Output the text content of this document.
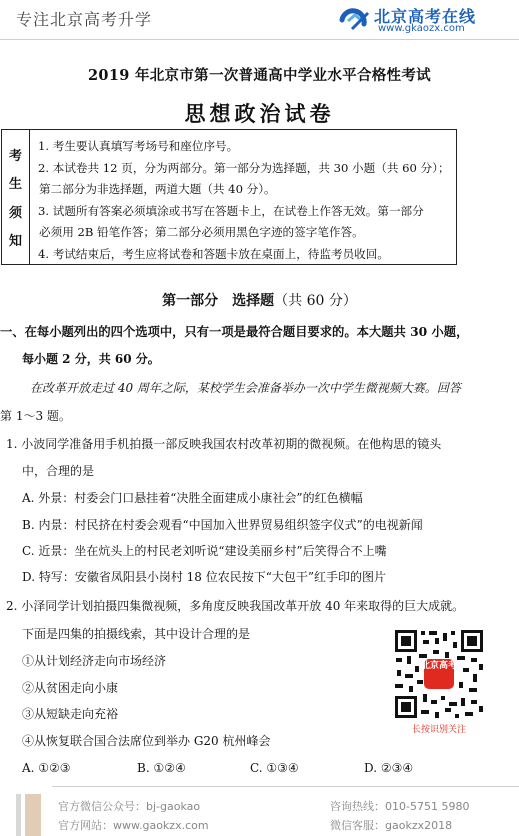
专注北京高考升学	北京高考在线
www.gkaozx.com
2019 年北京市第一次普通高中学业水平合格性考试
思想政治试卷
考
生
须
知
1. 考生要认真填写考场号和座位序号。
2. 本试卷共 12 页，分为两部分。第一部分为选择题，共 30 小题（共 60 分）；
第二部分为非选择题，两道大题（共 40 分）。
3. 试题所有答案必须填涂或书写在答题卡上，在试卷上作答无效。第一部分
必须用 2B 铅笔作答；第二部分必须用黑色字迹的签字笔作答。
4. 考试结束后，考生应将试卷和答题卡放在桌面上，待监考员收回。
第一部分　选择题（共 60 分）
一、在每小题列出的四个选项中，只有一项是最符合题目要求的。本大题共 30 小题，
每小题 2 分，共 60 分。
在改革开放走过 40 周年之际，某校学生会准备举办一次中学生微视频大赛。回答
第 1～3 题。
1. 小波同学准备用手机拍摄一部反映我国农村改革初期的微视频。在他构思的镜头
中，合理的是
A. 外景：村委会门口悬挂着“决胜全面建成小康社会”的红色横幅
B. 内景：村民挤在村委会观看“中国加入世界贸易组织签字仪式”的电视新闻
C. 近景：坐在炕头上的村民老刘听说“建设美丽乡村”后笑得合不上嘴
D. 特写：安徽省凤阳县小岗村 18 位农民按下“大包干”红手印的图片
2. 小泽同学计划拍摄四集微视频，多角度反映我国改革开放 40 年来取得的巨大成就。
下面是四集的拍摄线索，其中设计合理的是
①从计划经济走向市场经济
②从贫困走向小康
③从短缺走向充裕
④从恢复联合国合法席位到举办 G20 杭州峰会
A. ①②③	B. ①②④	C. ①③④	D. ②③④
北京高考
长按识别关注
官方微信公众号：bj-gaokao
官方网站：www.gaokzx.com
咨询热线：010-5751 5980
微信客服：gaokzx2018
